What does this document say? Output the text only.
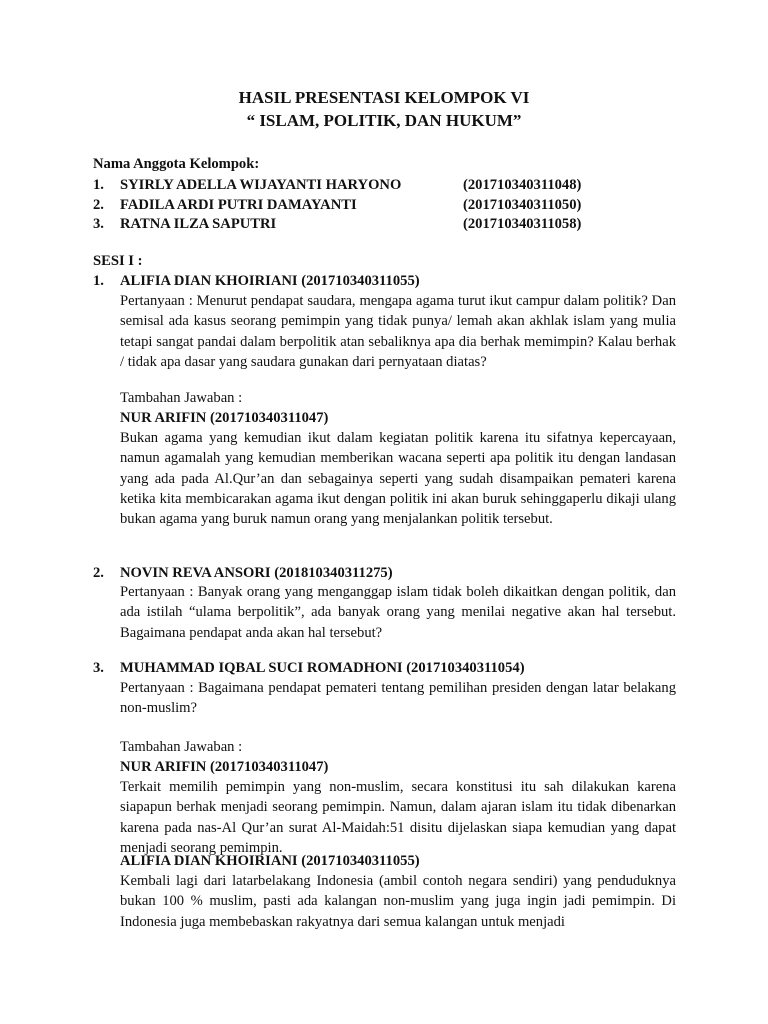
HASIL PRESENTASI KELOMPOK VI
“ ISLAM, POLITIK, DAN HUKUM”
Nama Anggota Kelompok:
1. SYIRLY ADELLA WIJAYANTI HARYONO	(201710340311048)
2. FADILA ARDI PUTRI DAMAYANTI	(201710340311050)
3. RATNA ILZA SAPUTRI	(201710340311058)
SESI I :
1. ALIFIA DIAN KHOIRIANI (201710340311055)
Pertanyaan : Menurut pendapat saudara, mengapa agama turut ikut campur dalam politik? Dan semisal ada kasus seorang pemimpin yang tidak punya/ lemah akan akhlak islam yang mulia tetapi sangat pandai dalam berpolitik atan sebaliknya apa dia berhak memimpin? Kalau berhak / tidak apa dasar yang saudara gunakan dari pernyataan diatas?
Tambahan Jawaban :
NUR ARIFIN (201710340311047)
Bukan agama yang kemudian ikut dalam kegiatan politik karena itu sifatnya kepercayaan, namun agamalah yang kemudian memberikan wacana seperti apa politik itu dengan landasan yang ada pada Al.Qur’an dan sebagainya seperti yang sudah disampaikan pemateri karena ketika kita membicarakan agama ikut dengan politik ini akan buruk sehinggaperlu dikaji ulang bukan agama yang buruk namun orang yang menjalankan politik tersebut.
2. NOVIN REVA ANSORI (201810340311275)
Pertanyaan : Banyak orang yang menganggap islam tidak boleh dikaitkan dengan politik, dan ada istilah “ulama berpolitik”, ada banyak orang yang menilai negative akan hal tersebut. Bagaimana pendapat anda akan hal tersebut?
3. MUHAMMAD IQBAL SUCI ROMADHONI (201710340311054)
Pertanyaan : Bagaimana pendapat pemateri tentang pemilihan presiden dengan latar belakang non-muslim?
Tambahan Jawaban :
NUR ARIFIN (201710340311047)
Terkait memilih pemimpin yang non-muslim, secara konstitusi itu sah dilakukan karena siapapun berhak menjadi seorang pemimpin. Namun, dalam ajaran islam itu tidak dibenarkan karena pada nas-Al Qur’an surat Al-Maidah:51 disitu dijelaskan siapa kemudian yang dapat menjadi seorang pemimpin.
ALIFIA DIAN KHOIRIANI (201710340311055)
Kembali lagi dari latarbelakang Indonesia (ambil contoh negara sendiri) yang penduduknya bukan 100 % muslim, pasti ada kalangan non-muslim yang juga ingin jadi pemimpin. Di Indonesia juga membebaskan rakyatnya dari semua kalangan untuk menjadi
